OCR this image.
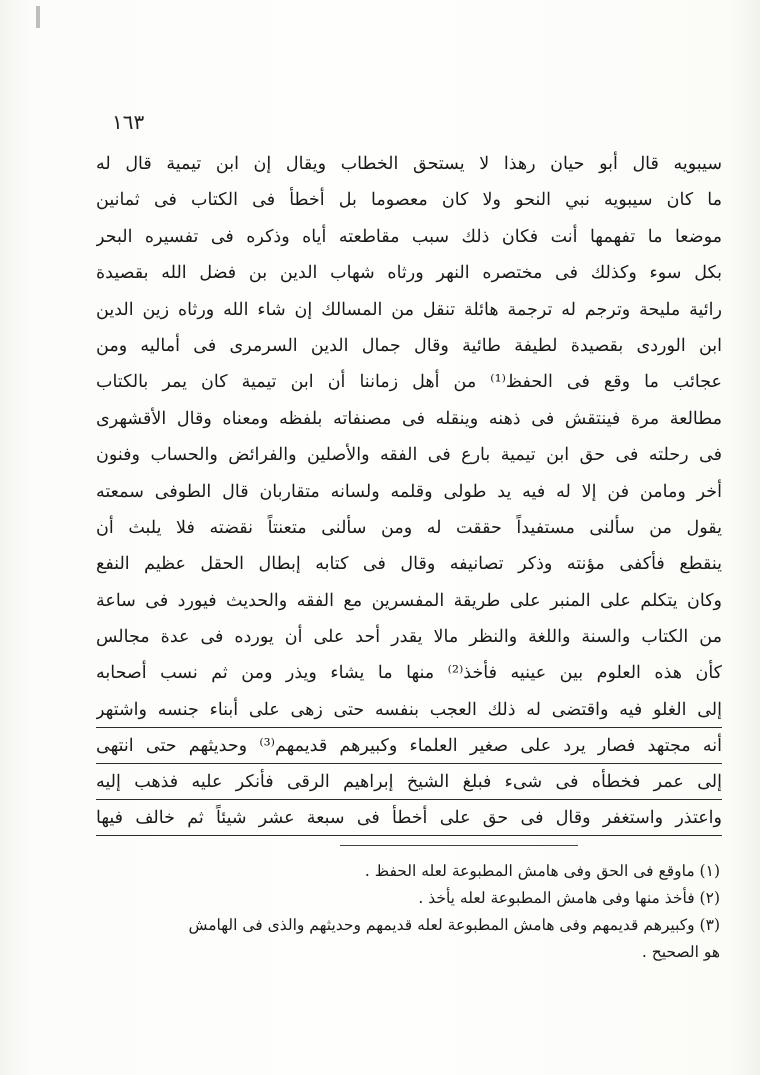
١٦٣
سيبويه قال أبو حيان رهذا لا يستحق الخطاب ويقال إن ابن تيمية قال له
ما كان سيبويه نبي النحو ولا كان معصوما بل أخطأ فى الكتاب فى ثمانين
موضعا ما تفهمها أنت فكان ذلك سبب مقاطعته أياه وذكره فى تفسيره البحر
بكل سوء وكذلك فى مختصره النهر ورثاه شهاب الدين بن فضل الله بقصيدة
رائية مليحة وترجم له ترجمة هائلة تنقل من المسالك إن شاء الله ورثاه زين الدين
ابن الوردى بقصيدة لطيفة طائية وقال جمال الدين السرمرى فى أماليه ومن
عجائب ما وقع فى الحفظ⁽¹⁾ من أهل زماننا أن ابن تيمية كان يمر بالكتاب
مطالعة مرة فينتقش فى ذهنه وينقله فى مصنفاته بلفظه ومعناه وقال الأقشهرى
فى رحلته فى حق ابن تيمية بارع فى الفقه والأصلين والفرائض والحساب وفنون
أخر ومامن فن إلا له فيه يد طولى وقلمه ولسانه متقاربان قال الطوفى سمعته
يقول من سألنى مستفيداً حققت له ومن سألنى متعنتاً نقضته فلا يلبث أن
ينقطع فأكفى مؤنته وذكر تصانيفه وقال فى كتابه إبطال الحقل عظيم النفع
وكان يتكلم على المنبر على طريقة المفسرين مع الفقه والحديث فيورد فى ساعة
من الكتاب والسنة واللغة والنظر مالا يقدر أحد على أن يورده فى عدة مجالس
كأن هذه العلوم بين عينيه فأخذ⁽²⁾ منها ما يشاء ويذر ومن ثم نسب أصحابه
إلى الغلو فيه واقتضى له ذلك العجب بنفسه حتى زهى على أبناء جنسه واشتهر
أنه مجتهد فصار يرد على صغير العلماء وكبيرهم قديمهم⁽³⁾ وحديثهم حتى انتهى
إلى عمر فخطأه فى شىء فبلغ الشيخ إبراهيم الرقى فأنكر عليه فذهب إليه
واعتذر واستغفر وقال فى حق على أخطأ فى سبعة عشر شيئاً ثم خالف فيها
(١) ماوقع فى الحق وفى هامش المطبوعة لعله الحفظ .
(٢) فأخذ منها وفى هامش المطبوعة لعله يأخذ .
(٣) وكبيرهم قديمهم وفى هامش المطبوعة لعله قديمهم وحديثهم والذى فى الهامش
هو الصحيح .
